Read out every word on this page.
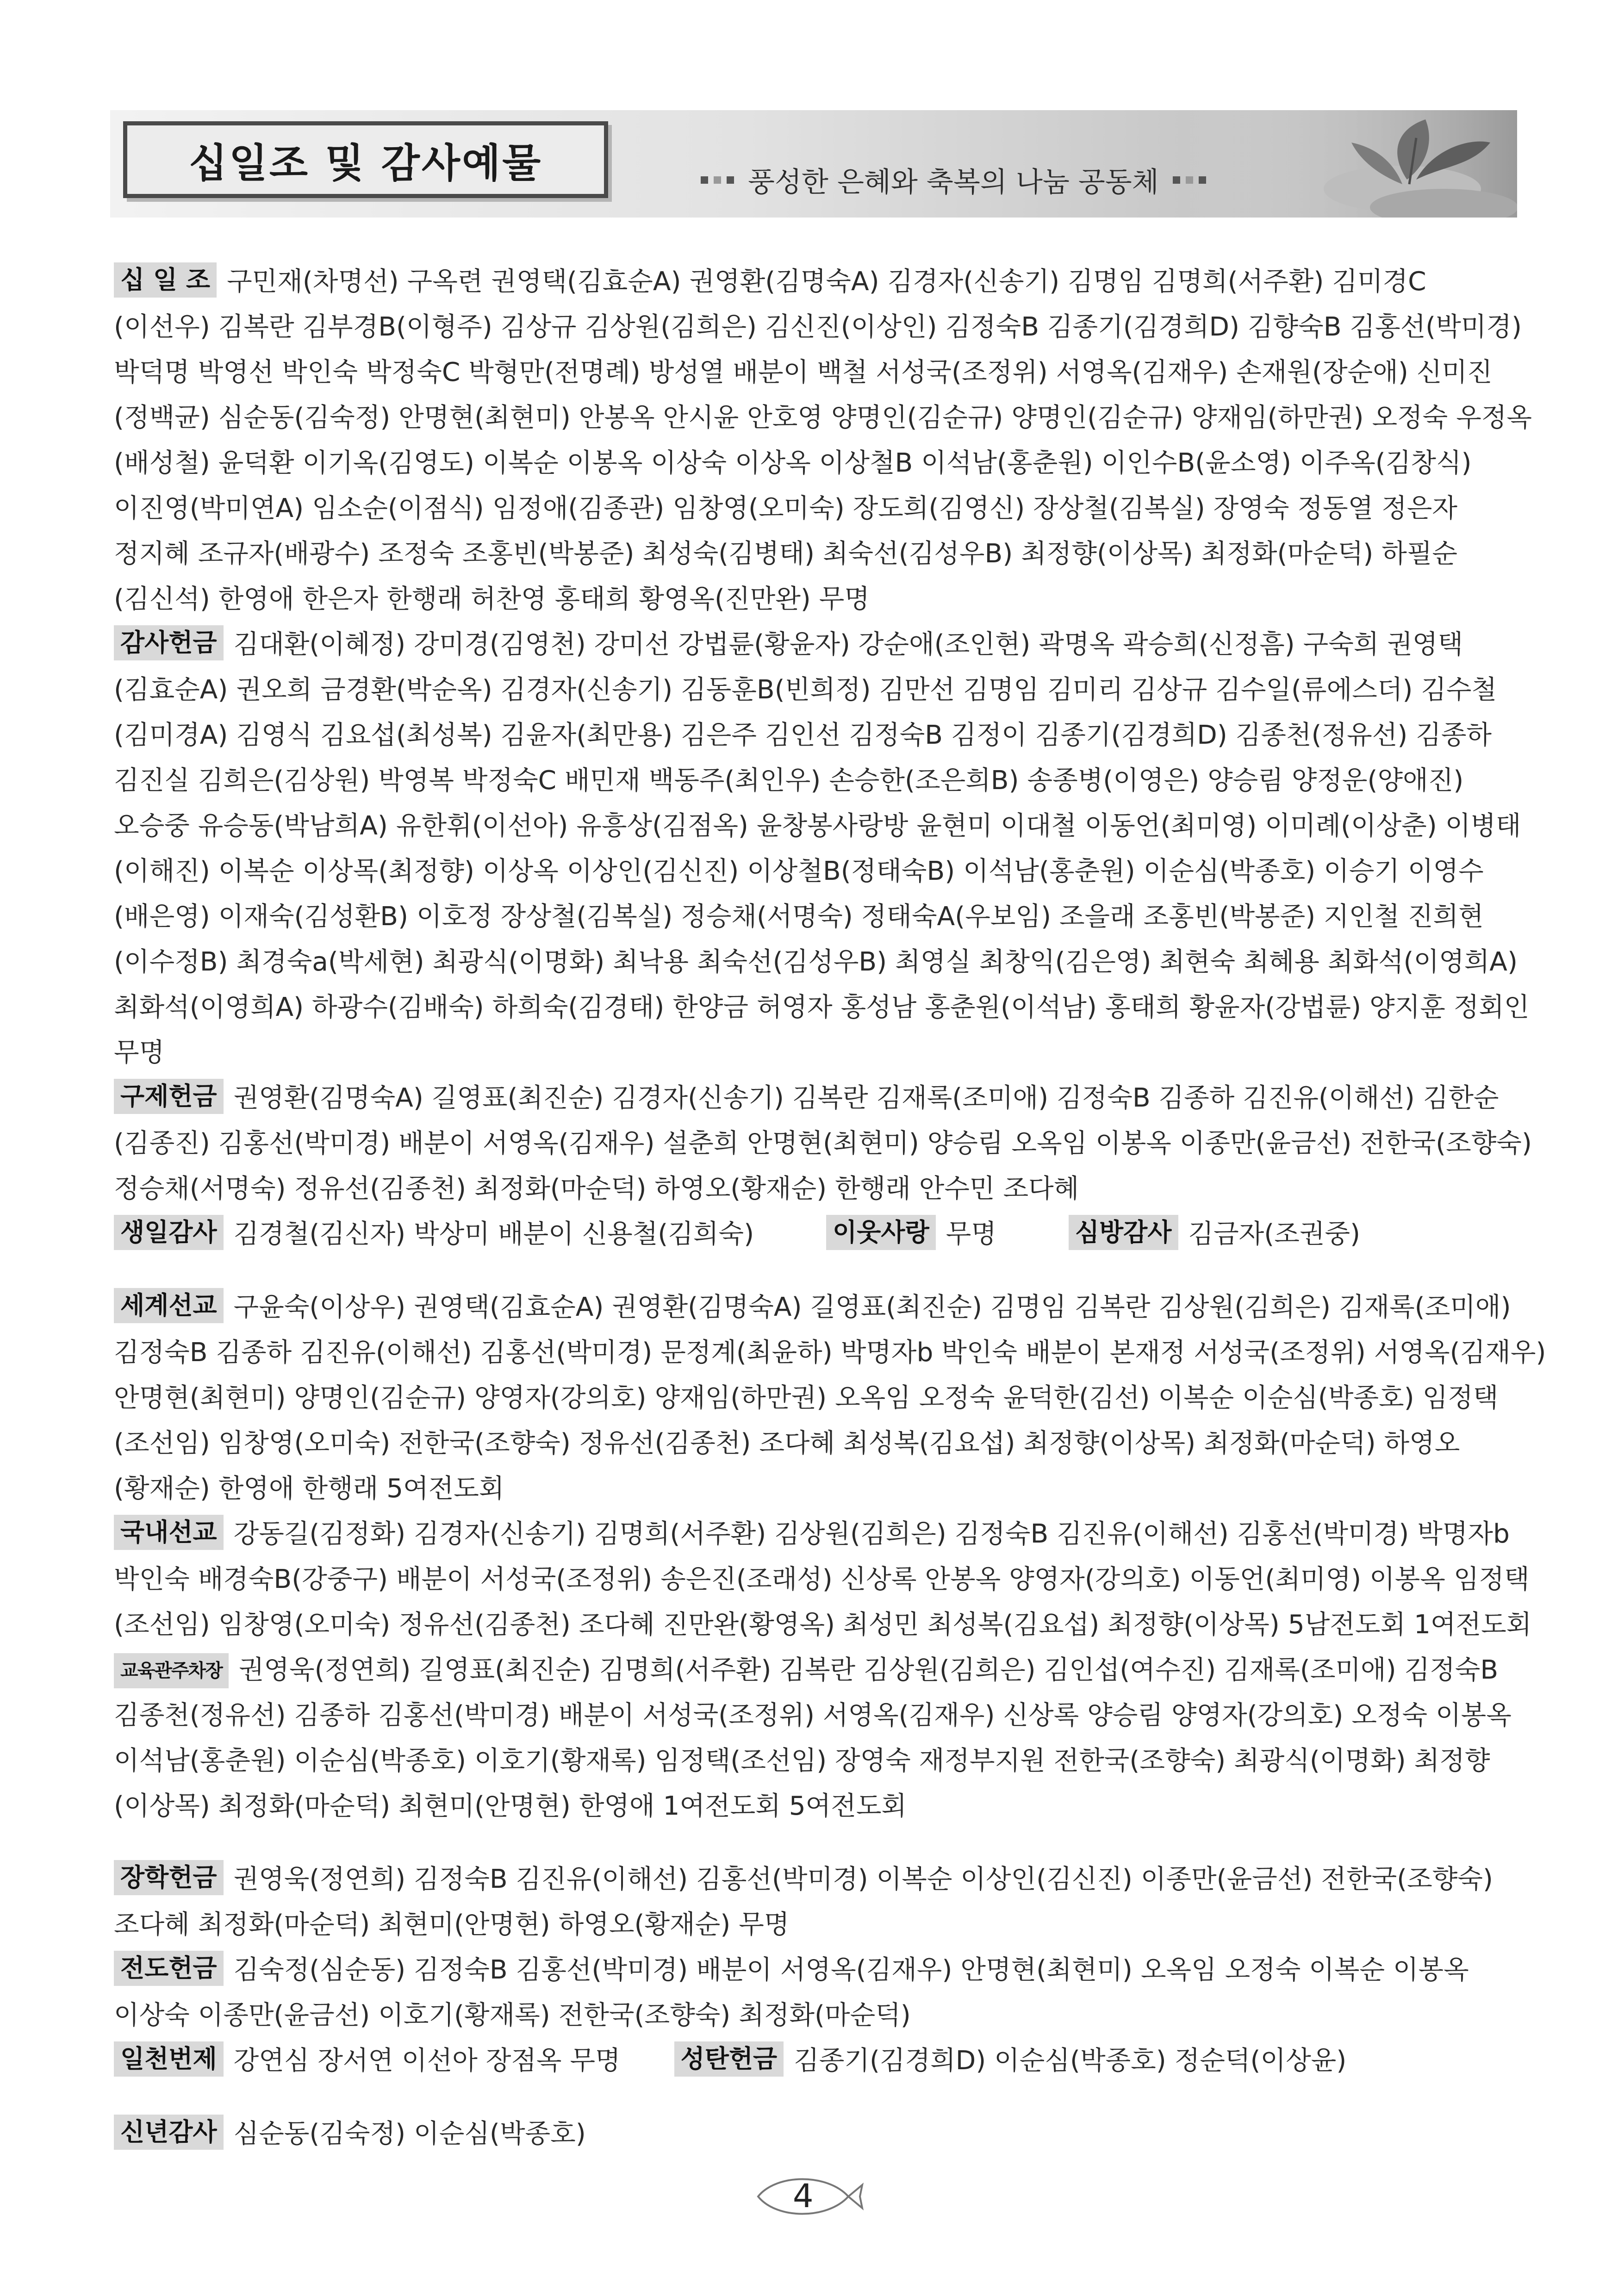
십일조 및 감사예물	풍성한 은혜와 축복의 나눔 공동체
십 일 조 구민재(차명선) 구옥련 권영택(김효순A) 권영환(김명숙A) 김경자(신송기) 김명임 김명희(서주환) 김미경C
(이선우) 김복란 김부경B(이형주) 김상규 김상원(김희은) 김신진(이상인) 김정숙B 김종기(김경희D) 김향숙B 김홍선(박미경)
박덕명 박영선 박인숙 박정숙C 박형만(전명례) 방성열 배분이 백철 서성국(조정위) 서영옥(김재우) 손재원(장순애) 신미진
(정백균) 심순동(김숙정) 안명현(최현미) 안봉옥 안시윤 안호영 양명인(김순규) 양명인(김순규) 양재임(하만권) 오정숙 우정옥
(배성철) 윤덕환 이기옥(김영도) 이복순 이봉옥 이상숙 이상옥 이상철B 이석남(홍춘원) 이인수B(윤소영) 이주옥(김창식)
이진영(박미연A) 임소순(이점식) 임정애(김종관) 임창영(오미숙) 장도희(김영신) 장상철(김복실) 장영숙 정동열 정은자
정지혜 조규자(배광수) 조정숙 조홍빈(박봉준) 최성숙(김병태) 최숙선(김성우B) 최정향(이상목) 최정화(마순덕) 하필순
(김신석) 한영애 한은자 한행래 허찬영 홍태희 황영옥(진만완) 무명
감사헌금 김대환(이혜정) 강미경(김영천) 강미선 강법륜(황윤자) 강순애(조인현) 곽명옥 곽승희(신정흠) 구숙희 권영택
(김효순A) 권오희 금경환(박순옥) 김경자(신송기) 김동훈B(빈희정) 김만선 김명임 김미리 김상규 김수일(류에스더) 김수철
(김미경A) 김영식 김요섭(최성복) 김윤자(최만용) 김은주 김인선 김정숙B 김정이 김종기(김경희D) 김종천(정유선) 김종하
김진실 김희은(김상원) 박영복 박정숙C 배민재 백동주(최인우) 손승한(조은희B) 송종병(이영은) 양승림 양정운(양애진)
오승중 유승동(박남희A) 유한휘(이선아) 유흥상(김점옥) 윤창봉사랑방 윤현미 이대철 이동언(최미영) 이미례(이상춘) 이병태
(이해진) 이복순 이상목(최정향) 이상옥 이상인(김신진) 이상철B(정태숙B) 이석남(홍춘원) 이순심(박종호) 이승기 이영수
(배은영) 이재숙(김성환B) 이호정 장상철(김복실) 정승채(서명숙) 정태숙A(우보임) 조을래 조홍빈(박봉준) 지인철 진희현
(이수정B) 최경숙a(박세현) 최광식(이명화) 최낙용 최숙선(김성우B) 최영실 최창익(김은영) 최현숙 최혜용 최화석(이영희A)
최화석(이영희A) 하광수(김배숙) 하희숙(김경태) 한양금 허영자 홍성남 홍춘원(이석남) 홍태희 황윤자(강법륜) 양지훈 정회인
무명
구제헌금 권영환(김명숙A) 길영표(최진순) 김경자(신송기) 김복란 김재록(조미애) 김정숙B 김종하 김진유(이해선) 김한순
(김종진) 김홍선(박미경) 배분이 서영옥(김재우) 설춘희 안명현(최현미) 양승림 오옥임 이봉옥 이종만(윤금선) 전한국(조향숙)
정승채(서명숙) 정유선(김종천) 최정화(마순덕) 하영오(황재순) 한행래 안수민 조다혜
생일감사 김경철(김신자) 박상미 배분이 신용철(김희숙)	이웃사랑 무명	심방감사 김금자(조권중)
세계선교 구윤숙(이상우) 권영택(김효순A) 권영환(김명숙A) 길영표(최진순) 김명임 김복란 김상원(김희은) 김재록(조미애)
김정숙B 김종하 김진유(이해선) 김홍선(박미경) 문정계(최윤하) 박명자b 박인숙 배분이 본재정 서성국(조정위) 서영옥(김재우)
안명현(최현미) 양명인(김순규) 양영자(강의호) 양재임(하만권) 오옥임 오정숙 윤덕한(김선) 이복순 이순심(박종호) 임정택
(조선임) 임창영(오미숙) 전한국(조향숙) 정유선(김종천) 조다혜 최성복(김요섭) 최정향(이상목) 최정화(마순덕) 하영오
(황재순) 한영애 한행래 5여전도회
국내선교 강동길(김정화) 김경자(신송기) 김명희(서주환) 김상원(김희은) 김정숙B 김진유(이해선) 김홍선(박미경) 박명자b
박인숙 배경숙B(강중구) 배분이 서성국(조정위) 송은진(조래성) 신상록 안봉옥 양영자(강의호) 이동언(최미영) 이봉옥 임정택
(조선임) 임창영(오미숙) 정유선(김종천) 조다혜 진만완(황영옥) 최성민 최성복(김요섭) 최정향(이상목) 5남전도회 1여전도회
교육관주차장 권영욱(정연희) 길영표(최진순) 김명희(서주환) 김복란 김상원(김희은) 김인섭(여수진) 김재록(조미애) 김정숙B
김종천(정유선) 김종하 김홍선(박미경) 배분이 서성국(조정위) 서영옥(김재우) 신상록 양승림 양영자(강의호) 오정숙 이봉옥
이석남(홍춘원) 이순심(박종호) 이호기(황재록) 임정택(조선임) 장영숙 재정부지원 전한국(조향숙) 최광식(이명화) 최정향
(이상목) 최정화(마순덕) 최현미(안명현) 한영애 1여전도회 5여전도회
장학헌금 권영욱(정연희) 김정숙B 김진유(이해선) 김홍선(박미경) 이복순 이상인(김신진) 이종만(윤금선) 전한국(조향숙)
조다혜 최정화(마순덕) 최현미(안명현) 하영오(황재순) 무명
전도헌금 김숙정(심순동) 김정숙B 김홍선(박미경) 배분이 서영옥(김재우) 안명현(최현미) 오옥임 오정숙 이복순 이봉옥
이상숙 이종만(윤금선) 이호기(황재록) 전한국(조향숙) 최정화(마순덕)
일천번제 강연심 장서연 이선아 장점옥 무명 성탄헌금 김종기(김경희D) 이순심(박종호) 정순덕(이상윤)
신년감사 심순동(김숙정) 이순심(박종호)
4
